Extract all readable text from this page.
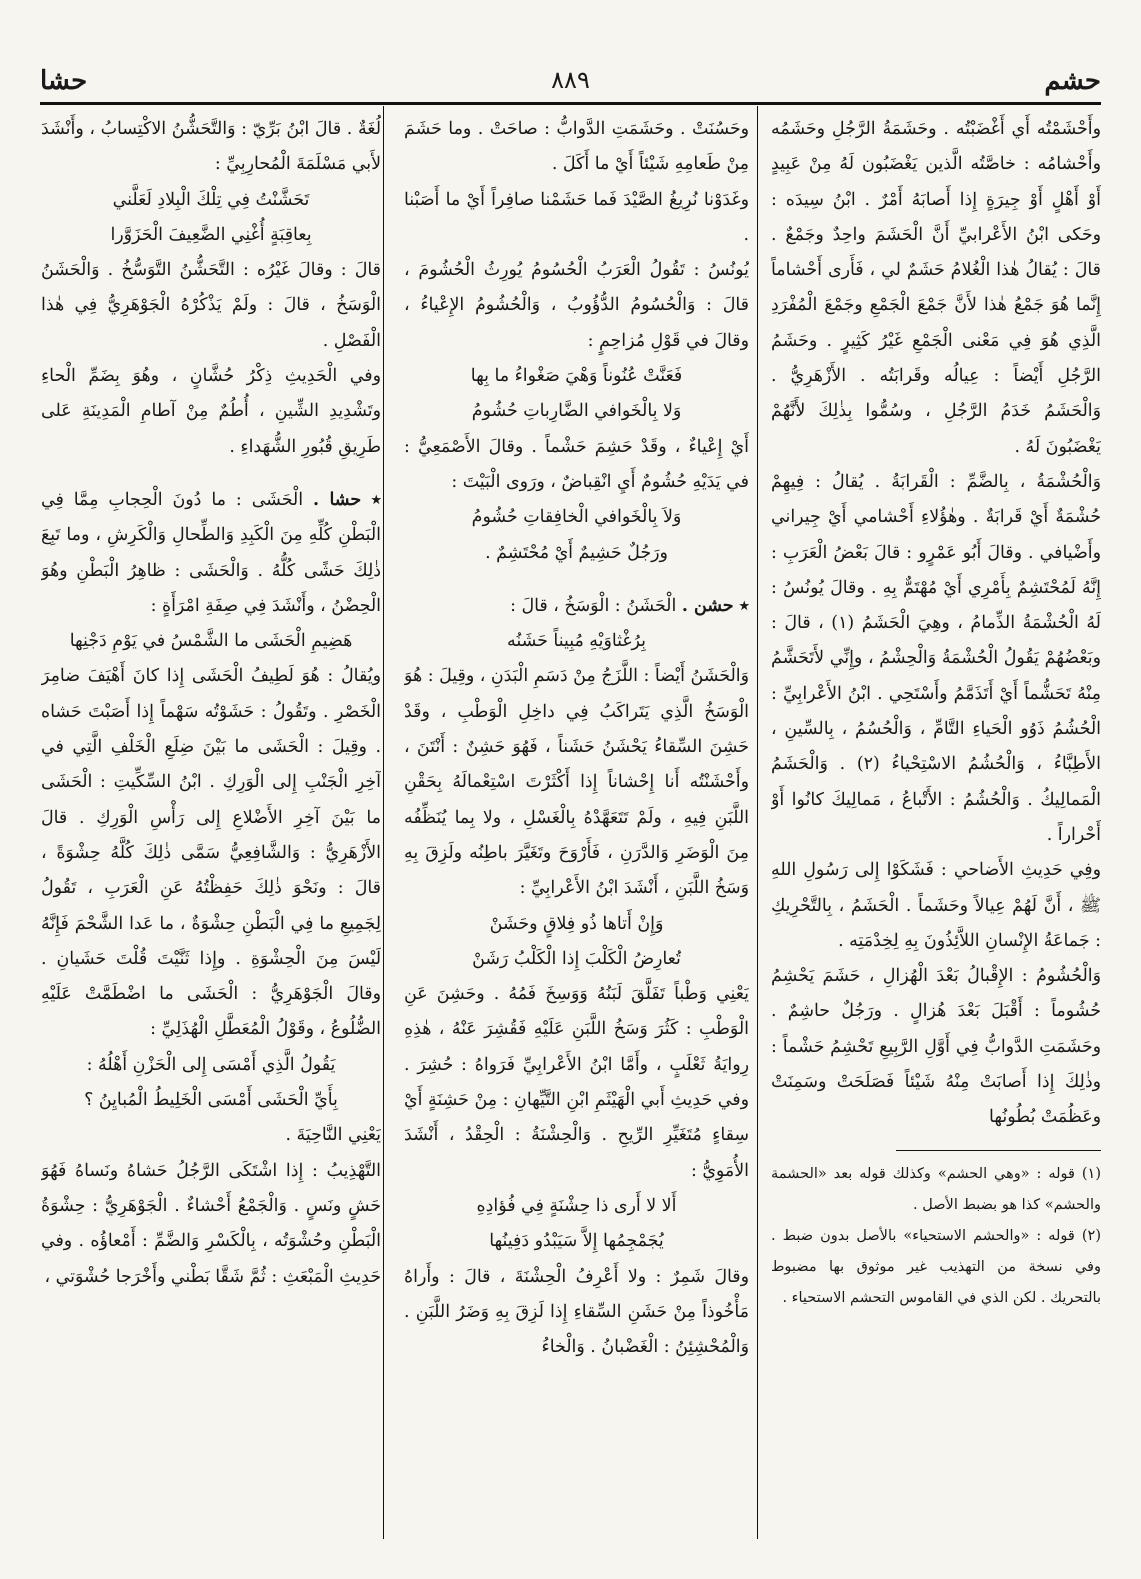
حشم
٨٨٩
حشا

وأَحْشَمْتُه أَي أَغْضَبْتُه . وحَشَمَةُ الرَّجُلِ وحَشَمُه وأَحْشامُه : خاصَّتُه الَّذين يَغْضَبُون لَهُ مِنْ عَبِيدٍ أَوْ أَهْلٍ أَوْ جِيرَةٍ إِذا أَصابَهُ أَمْرٌ . ابْنُ سِيدَه : وحَكى ابْنُ الأَعْرابيِّ أَنَّ الْحَشَمَ واحِدٌ وجَمْعٌ . قالَ : يُقالُ هٰذا الْغُلامُ حَشَمٌ لي ، فَأَرى أَحْشاماً إِنَّما هُوَ جَمْعُ هٰذا لأَنَّ جَمْعَ الْجَمْعِ وجَمْعَ الْمُفْرَدِ الَّذِي هُوَ فِي مَعْنى الْجَمْعِ غَيْرُ كَثِيرٍ . وحَشَمُ الرَّجُلِ أَيْضاً : عِيالُه وقَرابَتُه . الأَزْهَرِيُّ . وَالْحَشَمُ خَدَمُ الرَّجُلِ ، وسُمُّوا بِذٰلِكَ لأَنَّهُمْ يَغْضَبُونَ لَهُ .

وَالْحُشْمَةُ ، بِالضَّمِّ : الْقَرابَةُ . يُقالُ : فِيهِمْ حُشْمَةٌ أَيْ قَرابَةٌ . وهٰؤُلاءِ أَحْشامي أَيْ جِيراني وأَضْيافي . وقالَ أَبُو عَمْرٍو : قالَ بَعْضُ الْعَرَبِ : إِنَّهُ لَمُحْتَشِمٌ بِأَمْرِي أَيْ مُهْتَمٌّ بِهِ . وقالَ يُونُسُ : لَهُ الْحُشْمَةُ الذِّمامُ ، وهِيَ الْحَشَمُ (١) ، قالَ : وبَعْضُهُمْ يَقُولُ الْحُشْمَةُ وَالْحِشْمُ ، وإِنِّي لأَتَحَشَّمُ مِنْهُ تَحَشُّماً أَيْ أَتَذَمَّمُ وأَسْتَحِي . ابْنُ الأَعْرابِيِّ : الْحُشُمُ ذَوُو الْحَياءِ التَّامِّ ، وَالْحُسُمُ ، بِالسِّينِ ، الأَطِبَّاءُ ، وَالْحُشُمُ الاسْتِحْياءُ (٢) . وَالْحَشَمُ الْمَمالِيكُ . وَالْحُشُمُ : الأَتْباعُ ، مَمالِيكَ كانُوا أَوْ أَحْراراً .

وفِي حَدِيثِ الأَضاحي : فَشَكَوْا إِلى رَسُولِ اللهِ ﷺ ، أَنَّ لَهُمْ عِيالاً وحَشَماً . الْحَشَمُ ، بِالتَّحْرِيكِ : جَماعَةُ الإِنْسانِ اللاَّئِذُونَ بِهِ لِخِدْمَتِه .

وَالْحُشُومُ : الإِقْبالُ بَعْدَ الْهُزالِ ، حَشَمَ يَحْشِمُ حُشُوماً : أَقْبَلَ بَعْدَ هُزالٍ . ورَجُلٌ حاشِمٌ . وحَشَمَتِ الدَّوابُّ فِي أَوَّلِ الرَّبِيعِ تَحْشِمُ حَشْماً : وذٰلِكَ إِذا أَصابَتْ مِنْهُ شَيْئاً فَصَلَحَتْ وسَمِنَتْ وعَظُمَتْ بُطُونُها

(١) قوله : «وهي الحشم» وكذلك قوله بعد «الحشمة والحشم» كذا هو بضبط الأصل .

(٢) قوله : «والحشم الاستحياء» بالأصل بدون ضبط . وفي نسخة من التهذيب غير موثوق بها مضبوط بالتحريك . لكن الذي في القاموس التحشم الاستحياء .

وحَسُنَتْ . وحَشَمَتِ الدَّوابُّ : صاحَتْ . وما حَشَمَ مِنْ طَعامِهِ شَيْئاً أَيْ ما أَكَلَ .

وغَدَوْنا نُرِيغُ الصَّيْدَ فَما حَشَمْنا صافِراً أَيْ ما أَصَبْنا .

يُونُسُ : تَقُولُ الْعَرَبُ الْحُسُومُ يُورِثُ الْحُشُومَ ، قالَ : وَالْحُسُومُ الدُّؤُوبُ ، وَالْحُشُومُ الإِعْياءُ ، وقالَ في قَوْلِ مُزاحِمٍ :

فَعَنَّتْ عُنُوناً وَهْيَ صَغْواءُ ما بِها

وَلا بِالْخَوافي الضَّارِباتِ حُشُومُ

أَيْ إِعْياءٌ ، وقَدْ حَشِمَ حَشْماً . وقالَ الأَصْمَعِيُّ : في يَدَيْهِ حُشُومٌ أَيِ انْقِباضٌ ، ورَوى الْبَيْتَ :

وَلاَ بِالْخَوافي الْخافِقاتِ حُشُومُ

ورَجُلٌ حَشِيمٌ أَيْ مُحْتَشِمٌ .

٭ حشن . الْحَشَنُ : الْوَسَخُ ، قالَ :

بِرُغْثاوَيْهِ مُبِيناً حَشَنُه

وَالْحَشَنُ أَيْضاً : اللَّزَجُ مِنْ دَسَمِ الْبَدَنِ ، وقِيلَ : هُوَ الْوَسَخُ الَّذِي يَتَراكَبُ فِي داخِلِ الْوَطْبِ ، وقَدْ حَشِنَ السِّقاءُ يَحْشَنُ حَشَناً ، فَهُوَ حَشِنٌ : أَنْتَنَ ، وأَحْشَنْتُه أَنا إِحْشاناً إِذا أَكْثَرْتَ اسْتِعْمالَهُ بِحَقْنِ اللَّبَنِ فِيهِ ، ولَمْ تَتَعَهَّدْهُ بِالْغَسْلِ ، ولا بِما يُنَظِّفُه مِنَ الْوَضَرِ وَالدَّرَنِ ، فَأَرْوَحَ وتَغَيَّرَ باطِنُه ولَزِقَ بِهِ وَسَخُ اللَّبَنِ ، أَنْشَدَ ابْنُ الأَعْرابِيِّ :

وَإِنْ أَتاها ذُو فِلاقٍ وحَشَنْ

تُعارِضُ الْكَلْبَ إِذا الْكَلْبُ رَشَنْ

يَعْنِي وَطْباً تَفَلَّقَ لَبَنُهُ وَوَسِخَ فَمُهُ . وحَشِنَ عَنِ الْوَطْبِ : كَثُرَ وَسَخُ اللَّبَنِ عَلَيْهِ فَقُشِرَ عَنْهُ ، هٰذِهِ رِوايَةُ ثَعْلَبٍ ، وأَمَّا ابْنُ الأَعْرابِيِّ فَرَواهُ : حُشِرَ . وفي حَدِيثِ أَبي الْهَيْثَمِ ابْنِ التَّيِّهانِ : مِنْ حَشِنَةٍ أَيْ سِقاءٍ مُتَغَيِّرِ الرِّيحِ . وَالْحِشْنَةُ : الْحِقْدُ ، أَنْشَدَ الأُمَوِيُّ :

أَلا لا أَرى ذا حِشْنَةٍ فِي فُؤادِهِ

يُجَمْجِمُها إِلاَّ سَيَبْدُو دَفِينُها

وقالَ شَمِرٌ : ولا أَعْرِفُ الْحِشْنَةَ ، قالَ : وأَراهُ مَأْخُوذاً مِنْ حَشَنِ السِّقاءِ إِذا لَزِقَ بِهِ وَضَرُ اللَّبَنِ . وَالْمُحْشِئِنُ : الْغَضْبانُ . وَالْخاءُ

لُغَةٌ . قالَ ابْنُ بَرِّيّ : وَالتَّحَشُّنُ الاكْتِسابُ ، وأَنْشَدَ لأَبي مَسْلَمَةَ الْمُحارِبِيِّ :

تَحَشَّنْتُ فِي تِلْكَ الْبِلادِ لَعَلَّني

بِعاقِبَةٍ أُغْنِي الضَّعِيفَ الْحَزَوَّرا

قالَ : وقالَ غَيْرُه : التَّحَشُّنُ التَّوَسُّخُ . وَالْحَشَنُ الْوَسَخُ ، قالَ : ولَمْ يَذْكُرْهُ الْجَوْهَرِيُّ فِي هٰذا الْفَصْلِ .

وفي الْحَدِيثِ ذِكْرُ حُشَّانٍ ، وهُوَ بِضَمِّ الْحاءِ وتَشْدِيدِ الشِّينِ ، أُطُمٌ مِنْ آطامِ الْمَدِينَةِ عَلى طَرِيقِ قُبُورِ الشُّهَداءِ .

٭ حشا . الْحَشَى : ما دُونَ الْحِجابِ مِمَّا فِي الْبَطْنِ كُلِّهِ مِنَ الْكَبِدِ وَالطِّحالِ وَالْكَرِشِ ، وما تَبِعَ ذٰلِكَ حَشًى كُلُّهُ . وَالْحَشَى : ظاهِرُ الْبَطْنِ وهُوَ الْحِضْنُ ، وأَنْشَدَ فِي صِفَةِ امْرَأَةٍ :

هَضِيمِ الْحَشَى ما الشَّمْسُ في يَوْمِ دَجْنِها

ويُقالُ : هُوَ لَطِيفُ الْحَشَى إِذا كانَ أَهْيَفَ ضامِرَ الْخَصْرِ . وتَقُولُ : حَشَوْتُه سَهْماً إِذا أَصَبْتَ حَشاه . وقِيلَ : الْحَشَى ما بَيْنَ ضِلَعِ الْخَلْفِ الَّتِي في آخِرِ الْجَنْبِ إِلى الْوَرِكِ . ابْنُ السِّكِّيتِ : الْحَشَى ما بَيْنَ آخِرِ الأَضْلاعِ إِلى رَأْسِ الْوَرِكِ . قالَ الأَزْهَرِيُّ : وَالشَّافِعِيُّ سَمَّى ذٰلِكَ كُلَّهُ حِشْوَةً ، قالَ : ونَحْوَ ذٰلِكَ حَفِظْتُهُ عَنِ الْعَرَبِ ، تَقُولُ لِجَمِيعِ ما فِي الْبَطْنِ حِشْوَةٌ ، ما عَدا الشَّحْمَ فَإِنَّهُ لَيْسَ مِنَ الْحِشْوَةِ . وإِذا ثَنَّيْتَ قُلْتَ حَشَيانِ . وقالَ الْجَوْهَرِيُّ : الْحَشَى ما اضْطَمَّتْ عَلَيْهِ الضُّلُوعُ ، وقَوْلُ الْمُعَطَّلِ الْهُذَلِيِّ :

يَقُولُ الَّذِي أَمْسَى إِلى الْحَزْنِ أَهْلُهُ :

بِأَيِّ الْحَشَى أَمْسَى الْخَلِيطُ الْمُبايِنُ ؟

يَعْنِي النَّاحِيَةَ .

التَّهْذِيبُ : إِذا اشْتَكَى الرَّجُلُ حَشاهُ ونَساهُ فَهُوَ حَشٍ ونَسٍ . وَالْجَمْعُ أَحْشاءٌ . الْجَوْهَرِيُّ : حِشْوَةُ الْبَطْنِ وحُشْوَتُه ، بِالْكَسْرِ وَالضَّمِّ : أَمْعاؤُه . وفي حَدِيثِ الْمَبْعَثِ : ثُمَّ شَقَّا بَطْني وأَخْرَجا حُشْوَتي ،
